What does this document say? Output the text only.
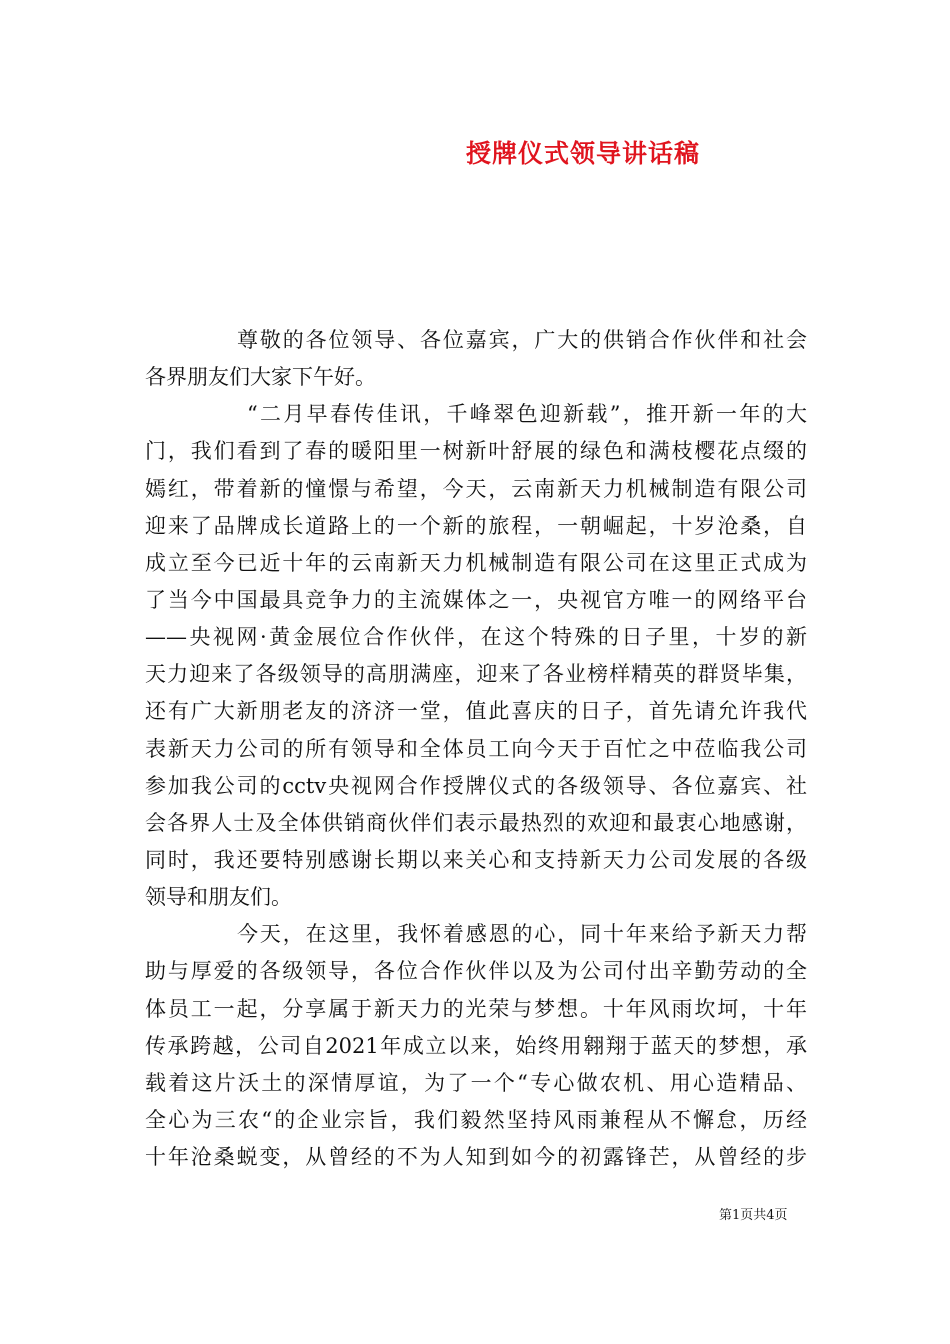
授牌仪式领导讲话稿
尊敬的各位领导、各位嘉宾，广大的供销合作伙伴和社会
各界朋友们大家下午好。
“二月早春传佳讯，千峰翠色迎新载”，推开新一年的大
门，我们看到了春的暖阳里一树新叶舒展的绿色和满枝樱花点缀的
嫣红，带着新的憧憬与希望，今天，云南新天力机械制造有限公司
迎来了品牌成长道路上的一个新的旅程，一朝崛起，十岁沧桑，自
成立至今已近十年的云南新天力机械制造有限公司在这里正式成为
了当今中国最具竞争力的主流媒体之一，央视官方唯一的网络平台
——央视网·黄金展位合作伙伴，在这个特殊的日子里，十岁的新
天力迎来了各级领导的高朋满座，迎来了各业榜样精英的群贤毕集，
还有广大新朋老友的济济一堂，值此喜庆的日子，首先请允许我代
表新天力公司的所有领导和全体员工向今天于百忙之中莅临我公司
参加我公司的cctv央视网合作授牌仪式的各级领导、各位嘉宾、社
会各界人士及全体供销商伙伴们表示最热烈的欢迎和最衷心地感谢，
同时，我还要特别感谢长期以来关心和支持新天力公司发展的各级
领导和朋友们。
今天，在这里，我怀着感恩的心，同十年来给予新天力帮
助与厚爱的各级领导，各位合作伙伴以及为公司付出辛勤劳动的全
体员工一起，分享属于新天力的光荣与梦想。十年风雨坎坷，十年
传承跨越，公司自2021年成立以来，始终用翱翔于蓝天的梦想，承
载着这片沃土的深情厚谊，为了一个“专心做农机、用心造精品、
全心为三农“的企业宗旨，我们毅然坚持风雨兼程从不懈怠，历经
十年沧桑蜕变，从曾经的不为人知到如今的初露锋芒，从曾经的步
第1页共4页
